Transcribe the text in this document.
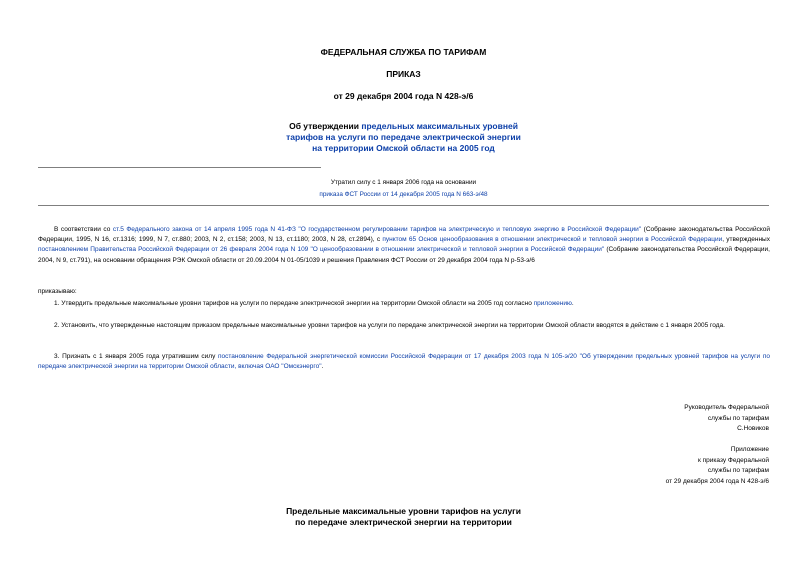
ФЕДЕРАЛЬНАЯ СЛУЖБА ПО ТАРИФАМ
ПРИКАЗ
от 29 декабря 2004 года N 428-э/6
Об утверждении предельных максимальных уровней
тарифов на услуги по передаче электрической энергии
на территории Омской области на 2005 год
Утратил силу с 1 января 2006 года на основании
приказа ФСТ России от 14 декабря 2005 года N 663-э/48
В соответствии со ст.5 Федерального закона от 14 апреля 1995 года N 41-ФЗ "О государственном регулировании тарифов на электрическую и тепловую энергию в Российской Федерации" (Собрание законодательства Российской Федерации, 1995, N 16, ст.1316; 1999, N 7, ст.880; 2003, N 2, ст.158; 2003, N 13, ст.1180; 2003, N 28, ст.2894), с пунктом 65 Основ ценообразования в отношении электрической и тепловой энергии в Российской Федерации, утвержденных постановлением Правительства Российской Федерации от 26 февраля 2004 года N 109 "О ценообразовании в отношении электрической и тепловой энергии в Российской Федерации" (Собрание законодательства Российской Федерации, 2004, N 9, ст.791), на основании обращения РЭК Омской области от 20.09.2004 N 01-05/1039 и решения Правления ФСТ России от 29 декабря 2004 года N р-53-э/6
приказываю:
1. Утвердить предельные максимальные уровни тарифов на услуги по передаче электрической энергии на территории Омской области на 2005 год согласно приложению.
2. Установить, что утвержденные настоящим приказом предельные максимальные уровни тарифов на услуги по передаче электрической энергии на территории Омской области вводятся в действие с 1 января 2005 года.
3. Признать с 1 января 2005 года утратившим силу постановление Федеральной энергетической комиссии Российской Федерации от 17 декабря 2003 года N 105-э/20 "Об утверждении предельных уровней тарифов на услуги по передаче электрической энергии на территории Омской области, включая ОАО "Омскэнерго".
Руководитель Федеральной
службы по тарифам
С.Новиков
Приложение
к приказу Федеральной
службы по тарифам
от 29 декабря 2004 года N 428-э/6
Предельные максимальные уровни тарифов на услуги
по передаче электрической энергии на территории
